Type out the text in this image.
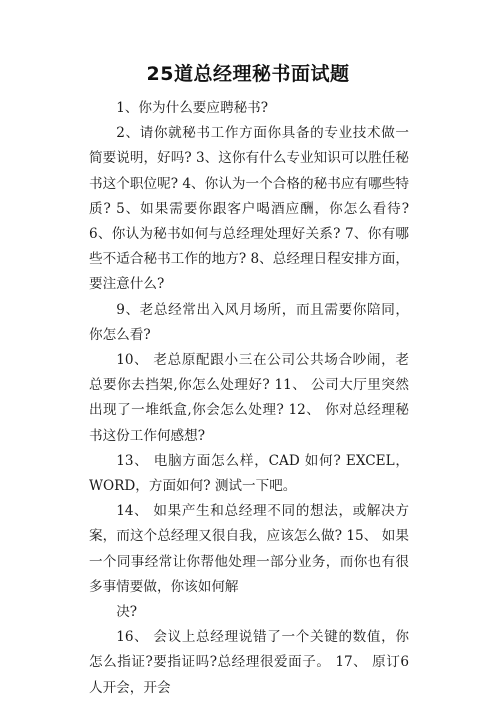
25道总经理秘书面试题

1、你为什么要应聘秘书?

2、请你就秘书工作方面你具备的专业技术做一简要说明，好吗? 3、这你有什么专业知识可以胜任秘书这个职位呢? 4、你认为一个合格的秘书应有哪些特质? 5、如果需要你跟客户喝酒应酬，你怎么看待? 6、你认为秘书如何与总经理处理好关系? 7、你有哪些不适合秘书工作的地方? 8、总经理日程安排方面，要注意什么?

9、老总经常出入风月场所，而且需要你陪同，你怎么看?

10、 老总原配跟小三在公司公共场合吵闹，老总要你去挡架,你怎么处理好? 11、 公司大厅里突然出现了一堆纸盒,你会怎么处理? 12、 你对总经理秘书这份工作何感想?

13、 电脑方面怎么样，CAD 如何? EXCEL，WORD，方面如何? 测试一下吧。

14、 如果产生和总经理不同的想法，或解决方案，而这个总经理又很自我，应该怎么做? 15、 如果一个同事经常让你帮他处理一部分业务，而你也有很多事情要做，你该如何解

决?

16、 会议上总经理说错了一个关键的数值，你怎么指证?要指证吗?总经理很爱面子。 17、 原订6人开会，开会
